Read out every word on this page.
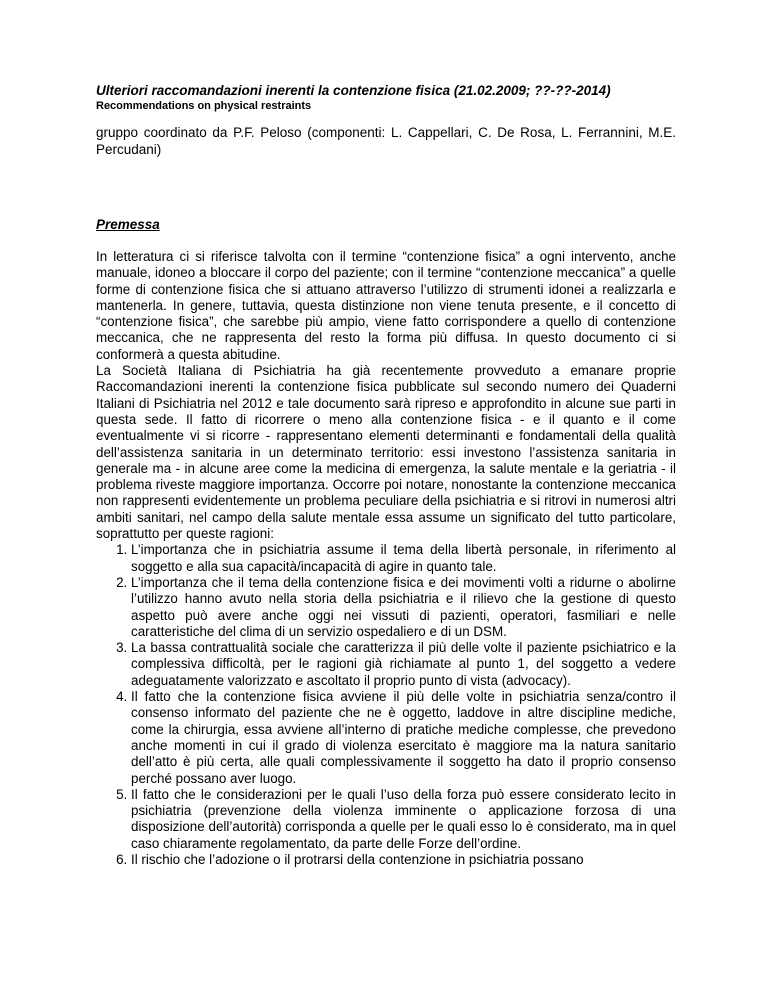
Ulteriori raccomandazioni inerenti la contenzione fisica (21.02.2009; ??-??-2014)
Recommendations on physical restraints
gruppo coordinato da P.F. Peloso (componenti: L. Cappellari, C. De Rosa, L. Ferrannini, M.E. Percudani)
Premessa

In letteratura ci si riferisce talvolta con il termine “contenzione fisica” a ogni intervento, anche manuale, idoneo a bloccare il corpo del paziente; con il termine “contenzione meccanica” a quelle forme di contenzione fisica che si attuano attraverso l’utilizzo di strumenti idonei a realizzarla e mantenerla. In genere, tuttavia, questa distinzione non viene tenuta presente, e il concetto di “contenzione fisica”, che sarebbe più ampio, viene fatto corrispondere a quello di contenzione meccanica, che ne rappresenta del resto la forma più diffusa. In questo documento ci si conformerà a questa abitudine.

La Società Italiana di Psichiatria ha già recentemente provveduto a emanare proprie Raccomandazioni inerenti la contenzione fisica pubblicate sul secondo numero dei Quaderni Italiani di Psichiatria nel 2012 e tale documento sarà ripreso e approfondito in alcune sue parti in questa sede. Il fatto di ricorrere o meno alla contenzione fisica - e il quanto e il come eventualmente vi si ricorre - rappresentano elementi determinanti e fondamentali della qualità dell’assistenza sanitaria in un determinato territorio: essi investono l’assistenza sanitaria in generale ma - in alcune aree come la medicina di emergenza, la salute mentale e la geriatria - il problema riveste maggiore importanza. Occorre poi notare, nonostante la contenzione meccanica non rappresenti evidentemente un problema peculiare della psichiatria e si ritrovi in numerosi altri ambiti sanitari, nel campo della salute mentale essa assume un significato del tutto particolare, soprattutto per queste ragioni:

1. L’importanza che in psichiatria assume il tema della libertà personale, in riferimento al soggetto e alla sua capacità/incapacità di agire in quanto tale.
2. L’importanza che il tema della contenzione fisica e dei movimenti volti a ridurne o abolirne l’utilizzo hanno avuto nella storia della psichiatria e il rilievo che la gestione di questo aspetto può avere anche oggi nei vissuti di pazienti, operatori, fasmiliari e nelle caratteristiche del clima di un servizio ospedaliero e di un DSM.
3. La bassa contrattualità sociale che caratterizza il più delle volte il paziente psichiatrico e la complessiva difficoltà, per le ragioni già richiamate al punto 1, del soggetto a vedere adeguatamente valorizzato e ascoltato il proprio punto di vista (advocacy).
4. Il fatto che la contenzione fisica avviene il più delle volte in psichiatria senza/contro il consenso informato del paziente che ne è oggetto, laddove in altre discipline mediche, come la chirurgia, essa avviene all’interno di pratiche mediche complesse, che prevedono anche momenti in cui il grado di violenza esercitato è maggiore ma la natura sanitario dell’atto è più certa, alle quali complessivamente il soggetto ha dato il proprio consenso perché possano aver luogo.
5. Il fatto che le considerazioni per le quali l’uso della forza può essere considerato lecito in psichiatria (prevenzione della violenza imminente o applicazione forzosa di una disposizione dell’autorità) corrisponda a quelle per le quali esso lo è considerato, ma in quel caso chiaramente regolamentato, da parte delle Forze dell’ordine.
6. Il rischio che l’adozione o il protrarsi della contenzione in psichiatria possano
